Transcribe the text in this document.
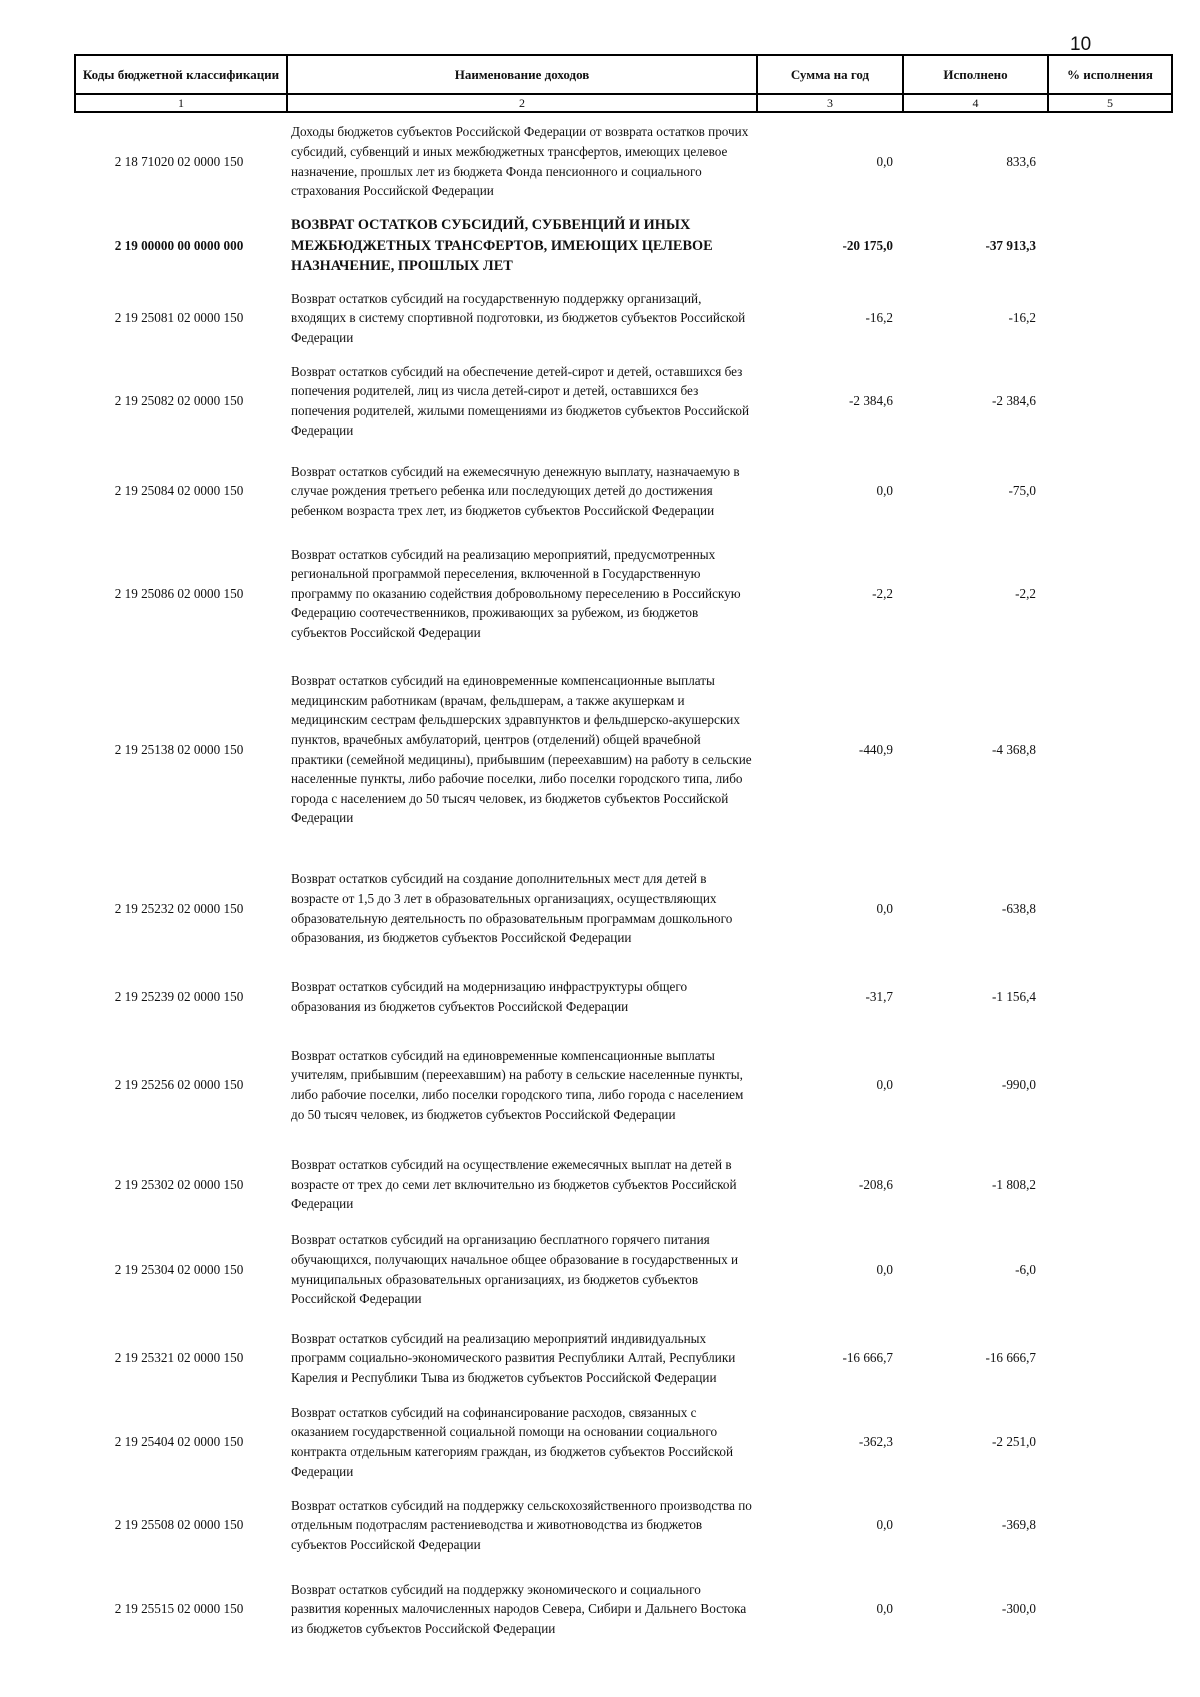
10
Коды бюджетной классификации	Наименование доходов	Сумма на год	Исполнено	% исполнения
1	2	3	4	5
2 18 71020 02 0000 150	Доходы бюджетов субъектов Российской Федерации от возврата остатков прочих субсидий, субвенций и иных межбюджетных трансфертов, имеющих целевое назначение, прошлых лет из бюджета Фонда пенсионного и социального страхования Российской Федерации	0,0	833,6	
2 19 00000 00 0000 000	ВОЗВРАТ ОСТАТКОВ СУБСИДИЙ, СУБВЕНЦИЙ И ИНЫХ МЕЖБЮДЖЕТНЫХ ТРАНСФЕРТОВ, ИМЕЮЩИХ ЦЕЛЕВОЕ НАЗНАЧЕНИЕ, ПРОШЛЫХ ЛЕТ	-20 175,0	-37 913,3	
2 19 25081 02 0000 150	Возврат остатков субсидий на государственную поддержку организаций, входящих в систему спортивной подготовки, из бюджетов субъектов Российской Федерации	-16,2	-16,2	
2 19 25082 02 0000 150	Возврат остатков субсидий на обеспечение детей-сирот и детей, оставшихся без попечения родителей, лиц из числа детей-сирот и детей, оставшихся без попечения родителей, жилыми помещениями из бюджетов субъектов Российской Федерации	-2 384,6	-2 384,6	
2 19 25084 02 0000 150	Возврат остатков субсидий на ежемесячную денежную выплату, назначаемую в случае рождения третьего ребенка или последующих детей до достижения ребенком возраста трех лет, из бюджетов субъектов Российской Федерации	0,0	-75,0	
2 19 25086 02 0000 150	Возврат остатков субсидий на реализацию мероприятий, предусмотренных региональной программой переселения, включенной в Государственную программу по оказанию содействия добровольному переселению в Российскую Федерацию соотечественников, проживающих за рубежом, из бюджетов субъектов Российской Федерации	-2,2	-2,2	
2 19 25138 02 0000 150	Возврат остатков субсидий на единовременные компенсационные выплаты медицинским работникам (врачам, фельдшерам, а также акушеркам и медицинским сестрам фельдшерских здравпунктов и фельдшерско-акушерских пунктов, врачебных амбулаторий, центров (отделений) общей врачебной практики (семейной медицины), прибывшим (переехавшим) на работу в сельские населенные пункты, либо рабочие поселки, либо поселки городского типа, либо города с населением до 50 тысяч человек, из бюджетов субъектов Российской Федерации	-440,9	-4 368,8	
2 19 25232 02 0000 150	Возврат остатков субсидий на создание дополнительных мест для детей в возрасте от 1,5 до 3 лет в образовательных организациях, осуществляющих образовательную деятельность по образовательным программам дошкольного образования, из бюджетов субъектов Российской Федерации	0,0	-638,8	
2 19 25239 02 0000 150	Возврат остатков субсидий на модернизацию инфраструктуры общего образования из бюджетов субъектов Российской Федерации	-31,7	-1 156,4	
2 19 25256 02 0000 150	Возврат остатков субсидий на единовременные компенсационные выплаты учителям, прибывшим (переехавшим) на работу в сельские населенные пункты, либо рабочие поселки, либо поселки городского типа, либо города с населением до 50 тысяч человек, из бюджетов субъектов Российской Федерации	0,0	-990,0	
2 19 25302 02 0000 150	Возврат остатков субсидий на осуществление ежемесячных выплат на детей в возрасте от трех до семи лет включительно из бюджетов субъектов Российской Федерации	-208,6	-1 808,2	
2 19 25304 02 0000 150	Возврат остатков субсидий на организацию бесплатного горячего питания обучающихся, получающих начальное общее образование в государственных и муниципальных образовательных организациях, из бюджетов субъектов Российской Федерации	0,0	-6,0	
2 19 25321 02 0000 150	Возврат остатков субсидий на реализацию мероприятий индивидуальных программ социально-экономического развития Республики Алтай, Республики Карелия и Республики Тыва из бюджетов субъектов Российской Федерации	-16 666,7	-16 666,7	
2 19 25404 02 0000 150	Возврат остатков субсидий на софинансирование расходов, связанных с оказанием государственной социальной помощи на основании социального контракта отдельным категориям граждан, из бюджетов субъектов Российской Федерации	-362,3	-2 251,0	
2 19 25508 02 0000 150	Возврат остатков субсидий на поддержку сельскохозяйственного производства по отдельным подотраслям растениеводства и животноводства из бюджетов субъектов Российской Федерации	0,0	-369,8	
2 19 25515 02 0000 150	Возврат остатков субсидий на поддержку экономического и социального развития коренных малочисленных народов Севера, Сибири и Дальнего Востока из бюджетов субъектов Российской Федерации	0,0	-300,0	
